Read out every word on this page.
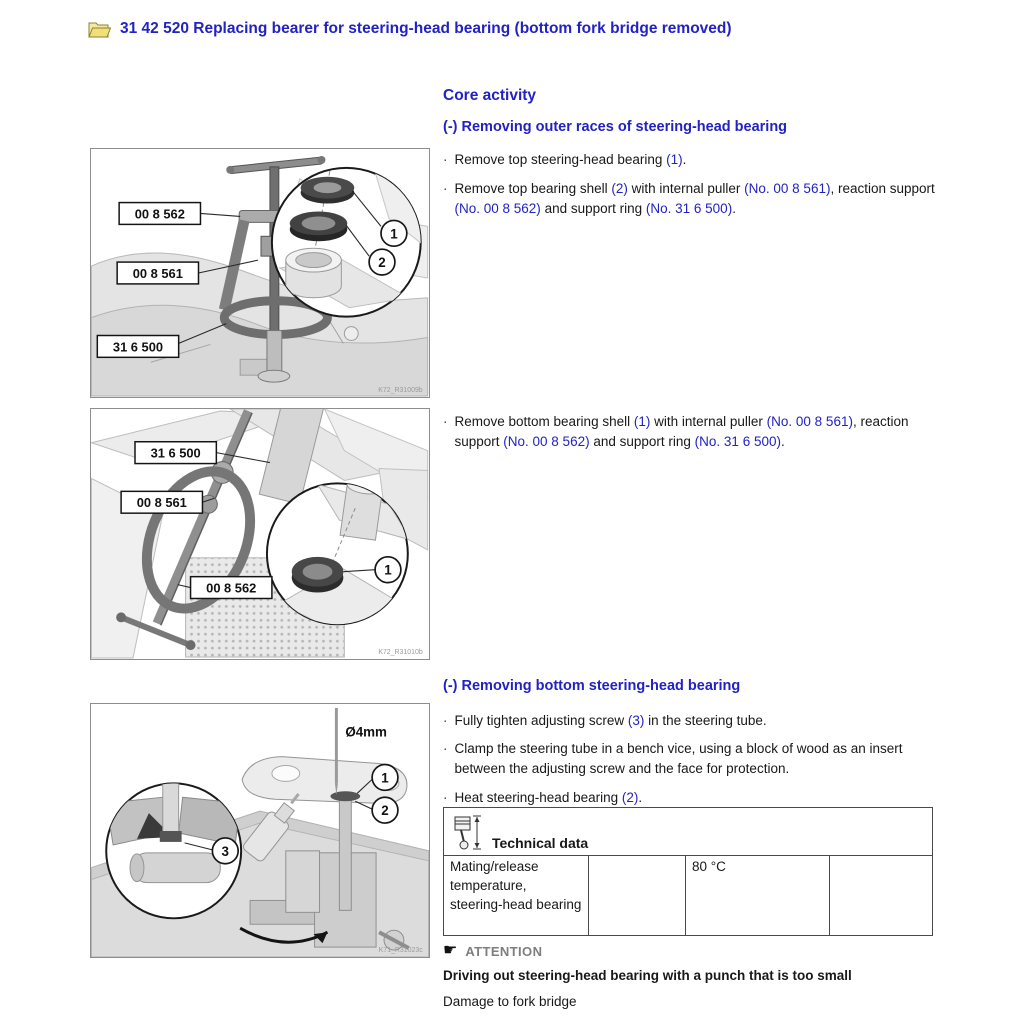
31 42 520 Replacing bearer for steering-head bearing (bottom fork bridge removed)
Core activity
(-) Removing outer races of steering-head bearing
(-) Removing bottom steering-head bearing
· Remove top steering-head bearing (1).
· Remove top bearing shell (2) with internal puller (No. 00 8 561), reaction support (No. 00 8 562) and support ring (No. 31 6 500).
· Remove bottom bearing shell (1) with internal puller (No. 00 8 561), reaction support (No. 00 8 562) and support ring (No. 31 6 500).
· Fully tighten adjusting screw (3) in the steering tube.
· Clamp the steering tube in a bench vice, using a block of wood as an insert between the adjusting screw and the face for protection.
· Heat steering-head bearing (2).
1
2
00 8 562
00 8 561
31 6 500
K72_R31009b
1
31 6 500
00 8 561
00 8 562
K72_R31010b
Ø4mm
1
2
3
K71_R31023c
Technical data
Mating/release temperature, steering-head bearing
80 °C
☛ ATTENTION
Driving out steering-head bearing with a punch that is too small
Damage to fork bridge
